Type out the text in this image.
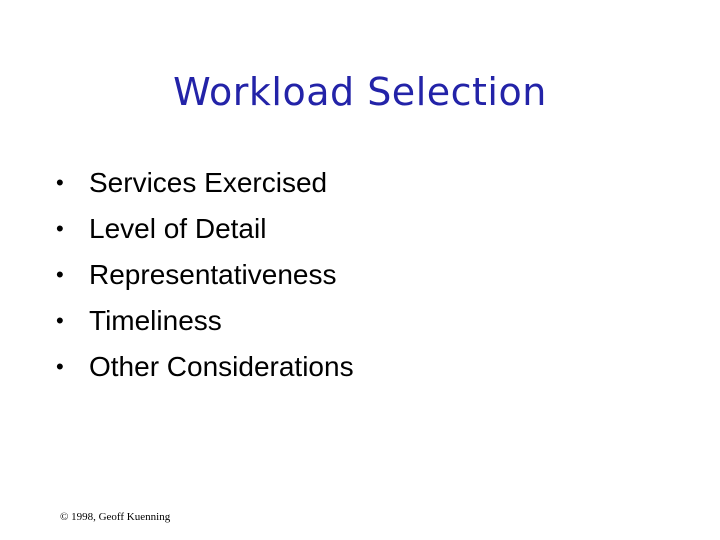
Workload Selection
• Services Exercised
• Level of Detail
• Representativeness
• Timeliness
• Other Considerations
© 1998, Geoff Kuenning
